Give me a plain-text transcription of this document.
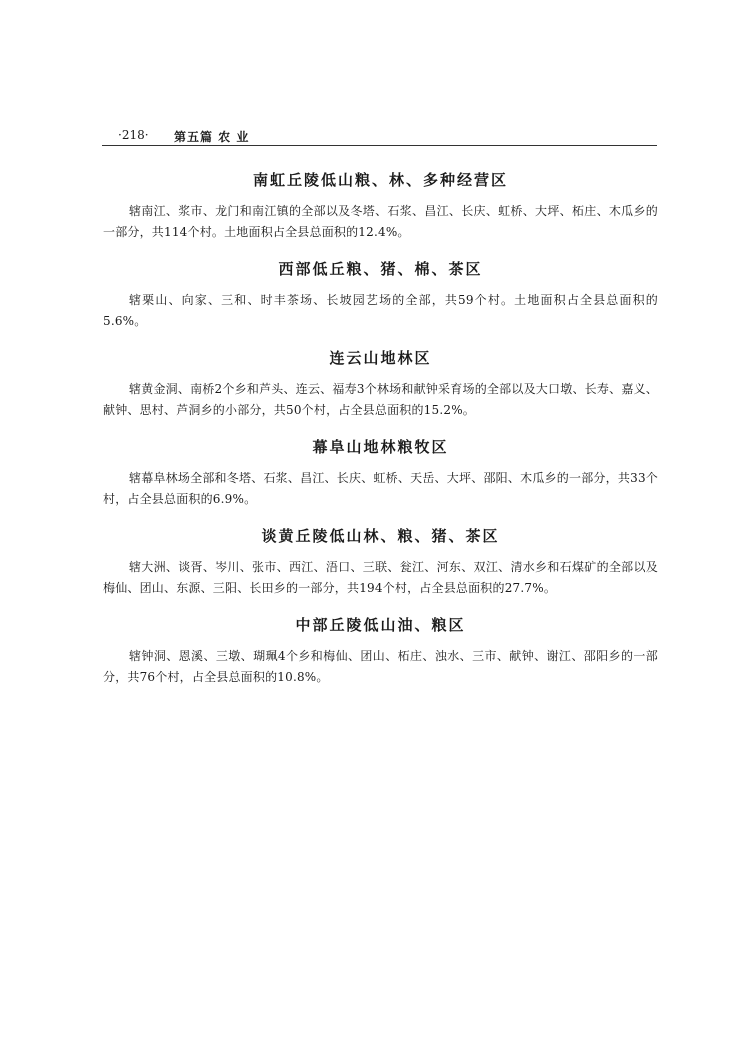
·218· 第五篇 农 业
南虹丘陵低山粮、林、多种经营区

辖南江、浆市、龙门和南江镇的全部以及冬塔、石浆、昌江、长庆、虹桥、大坪、柘庄、木瓜乡的一部分，共114个村。土地面积占全县总面积的12.4%。

西部低丘粮、猪、棉、茶区

辖栗山、向家、三和、时丰茶场、长坡园艺场的全部，共59个村。土地面积占全县总面积的5.6%。

连云山地林区

辖黄金洞、南桥2个乡和芦头、连云、福寿3个林场和献钟采育场的全部以及大口墩、长寿、嘉义、献钟、思村、芦洞乡的小部分，共50个村，占全县总面积的15.2%。

幕阜山地林粮牧区

辖幕阜林场全部和冬塔、石浆、昌江、长庆、虹桥、天岳、大坪、邵阳、木瓜乡的一部分，共33个村，占全县总面积的6.9%。

谈黄丘陵低山林、粮、猪、茶区

辖大洲、谈胥、岑川、张市、西江、浯口、三联、瓮江、河东、双江、清水乡和石煤矿的全部以及梅仙、团山、东源、三阳、长田乡的一部分，共194个村，占全县总面积的27.7%。

中部丘陵低山油、粮区

辖钟洞、恩溪、三墩、瑚珮4个乡和梅仙、团山、柘庄、浊水、三市、献钟、谢江、邵阳乡的一部分，共76个村，占全县总面积的10.8%。
